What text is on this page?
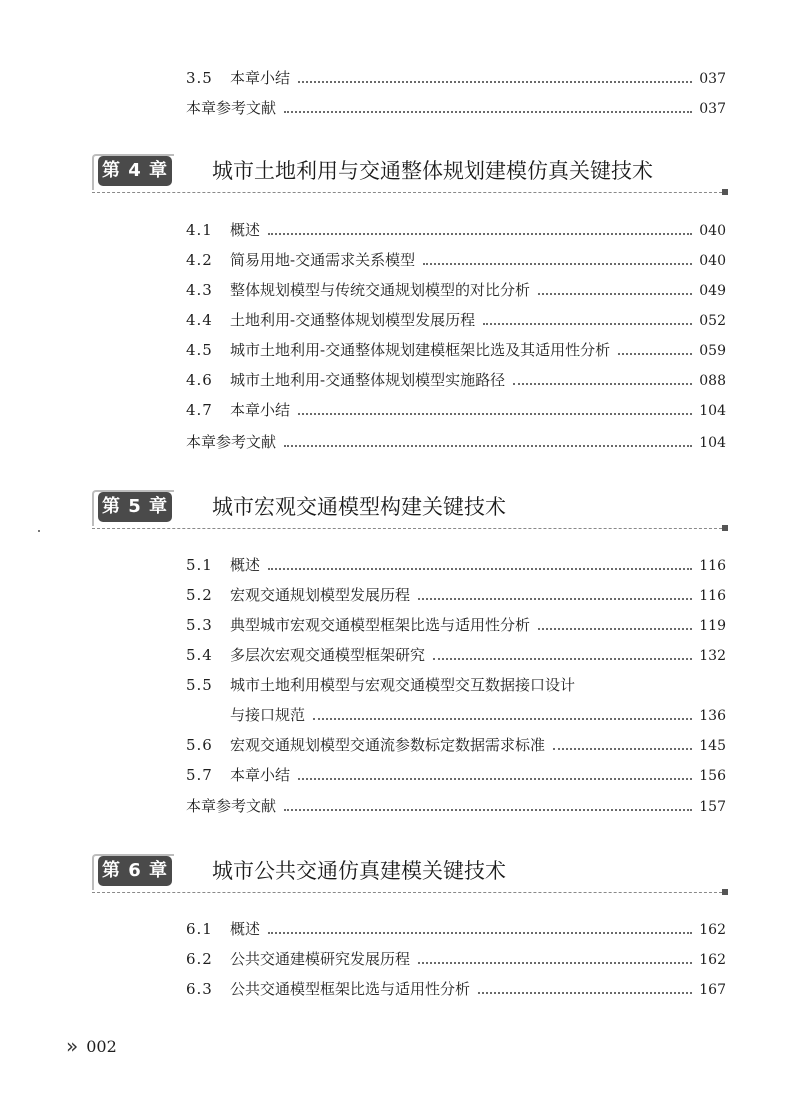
3.5	本章小结	037
本章参考文献	037
第 4 章 城市土地利用与交通整体规划建模仿真关键技术
4.1	概述	040
4.2	简易用地-交通需求关系模型	040
4.3	整体规划模型与传统交通规划模型的对比分析	049
4.4	土地利用-交通整体规划模型发展历程	052
4.5	城市土地利用-交通整体规划建模框架比选及其适用性分析	059
4.6	城市土地利用-交通整体规划模型实施路径	088
4.7	本章小结	104
本章参考文献	104
第 5 章 城市宏观交通模型构建关键技术
5.1	概述	116
5.2	宏观交通规划模型发展历程	116
5.3	典型城市宏观交通模型框架比选与适用性分析	119
5.4	多层次宏观交通模型框架研究	132
5.5	城市土地利用模型与宏观交通模型交互数据接口设计
与接口规范	136
5.6	宏观交通规划模型交通流参数标定数据需求标准	145
5.7	本章小结	156
本章参考文献	157
第 6 章 城市公共交通仿真建模关键技术
6.1	概述	162
6.2	公共交通建模研究发展历程	162
6.3	公共交通模型框架比选与适用性分析	167
» 002
